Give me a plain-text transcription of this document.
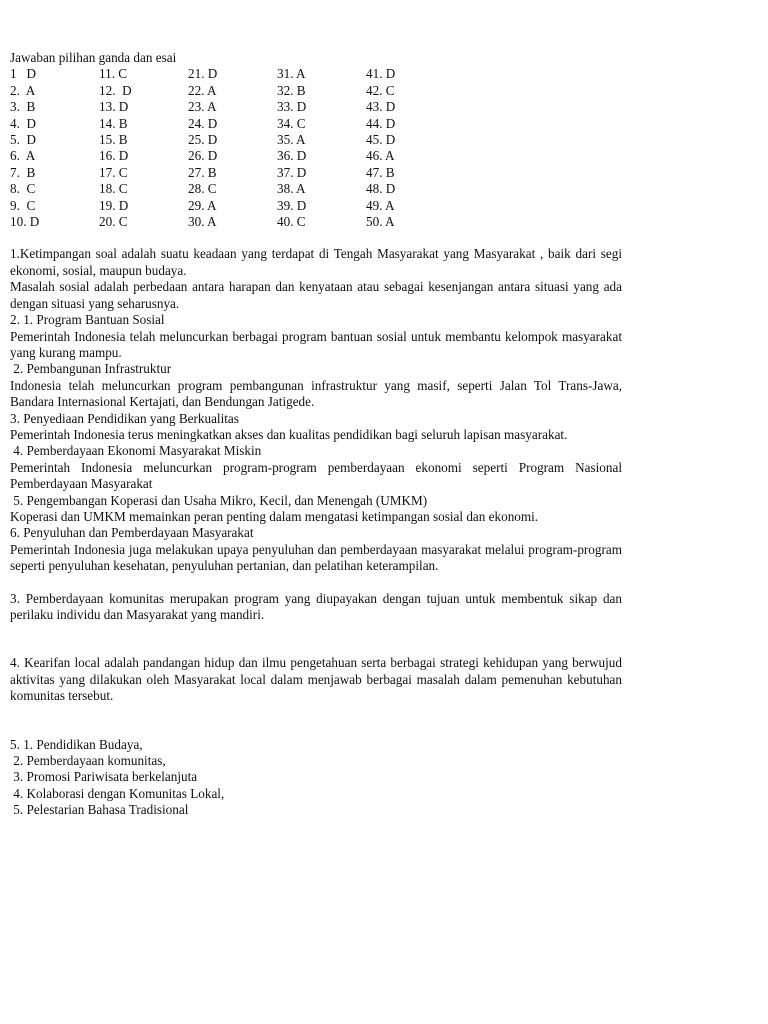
Jawaban pilihan ganda dan esai

1   D	11. C	21. D	31. A	41. D
2.  A	12.  D	22. A	32. B	42. C
3.  B	13. D	23. A	33. D	43. D
4.  D	14. B	24. D	34. C	44. D
5.  D	15. B	25. D	35. A	45. D
6.  A	16. D	26. D	36. D	46. A
7.  B	17. C	27. B	37. D	47. B
8.  C	18. C	28. C	38. A	48. D
9.  C	19. D	29. A	39. D	49. A
10. D	20. C	30. A	40. C	50. A

1.Ketimpangan soal adalah suatu keadaan yang terdapat di Tengah Masyarakat yang Masyarakat , baik dari segi ekonomi, sosial, maupun budaya.

Masalah sosial adalah perbedaan antara harapan dan kenyataan atau sebagai kesenjangan antara situasi yang ada dengan situasi yang seharusnya.

2. 1. Program Bantuan Sosial

Pemerintah Indonesia telah meluncurkan berbagai program bantuan sosial untuk membantu kelompok masyarakat yang kurang mampu.

2. Pembangunan Infrastruktur

Indonesia telah meluncurkan program pembangunan infrastruktur yang masif, seperti Jalan Tol Trans-Jawa, Bandara Internasional Kertajati, dan Bendungan Jatigede.

3. Penyediaan Pendidikan yang Berkualitas

Pemerintah Indonesia terus meningkatkan akses dan kualitas pendidikan bagi seluruh lapisan masyarakat.

4. Pemberdayaan Ekonomi Masyarakat Miskin

Pemerintah Indonesia meluncurkan program-program pemberdayaan ekonomi seperti Program Nasional Pemberdayaan Masyarakat

5. Pengembangan Koperasi dan Usaha Mikro, Kecil, dan Menengah (UMKM)

Koperasi dan UMKM memainkan peran penting dalam mengatasi ketimpangan sosial dan ekonomi.

6. Penyuluhan dan Pemberdayaan Masyarakat

Pemerintah Indonesia juga melakukan upaya penyuluhan dan pemberdayaan masyarakat melalui program-program seperti penyuluhan kesehatan, penyuluhan pertanian, dan pelatihan keterampilan.

3. Pemberdayaan komunitas merupakan program yang diupayakan dengan tujuan untuk membentuk sikap dan perilaku individu dan Masyarakat yang mandiri.

4. Kearifan local adalah pandangan hidup dan ilmu pengetahuan serta berbagai strategi kehidupan yang berwujud aktivitas yang dilakukan oleh Masyarakat local dalam menjawab berbagai masalah dalam pemenuhan kebutuhan komunitas tersebut.

5. 1. Pendidikan Budaya,

2. Pemberdayaan komunitas,

3. Promosi Pariwisata berkelanjuta

4. Kolaborasi dengan Komunitas Lokal,

5. Pelestarian Bahasa Tradisional
